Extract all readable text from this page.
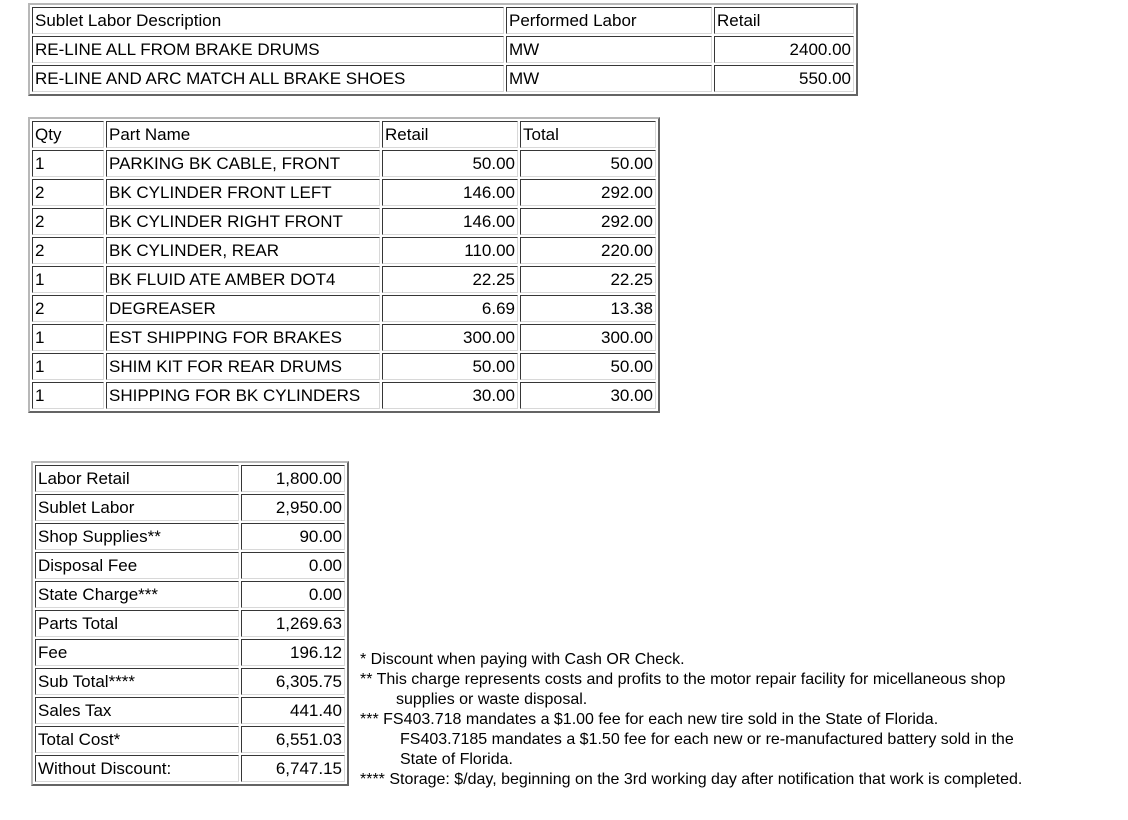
Sublet Labor Description	Performed Labor	Retail
RE-LINE ALL FROM BRAKE DRUMS	MW	2400.00
RE-LINE AND ARC MATCH ALL BRAKE SHOES	MW	550.00
Qty	Part Name	Retail	Total
1	PARKING BK CABLE, FRONT	50.00	50.00
2	BK CYLINDER FRONT LEFT	146.00	292.00
2	BK CYLINDER RIGHT FRONT	146.00	292.00
2	BK CYLINDER, REAR	110.00	220.00
1	BK FLUID ATE AMBER DOT4	22.25	22.25
2	DEGREASER	6.69	13.38
1	EST SHIPPING FOR BRAKES	300.00	300.00
1	SHIM KIT FOR REAR DRUMS	50.00	50.00
1	SHIPPING FOR BK CYLINDERS	30.00	30.00
Labor Retail	1,800.00
Sublet Labor	2,950.00
Shop Supplies**	90.00
Disposal Fee	0.00
State Charge***	0.00
Parts Total	1,269.63
Fee	196.12
Sub Total****	6,305.75
Sales Tax	441.40
Total Cost*	6,551.03
Without Discount:	6,747.15
* Discount when paying with Cash OR Check.
** This charge represents costs and profits to the motor repair facility for micellaneous shop
supplies or waste disposal.
*** FS403.718 mandates a $1.00 fee for each new tire sold in the State of Florida.
FS403.7185 mandates a $1.50 fee for each new or re-manufactured battery sold in the
State of Florida.
**** Storage: $/day, beginning on the 3rd working day after notification that work is completed.
